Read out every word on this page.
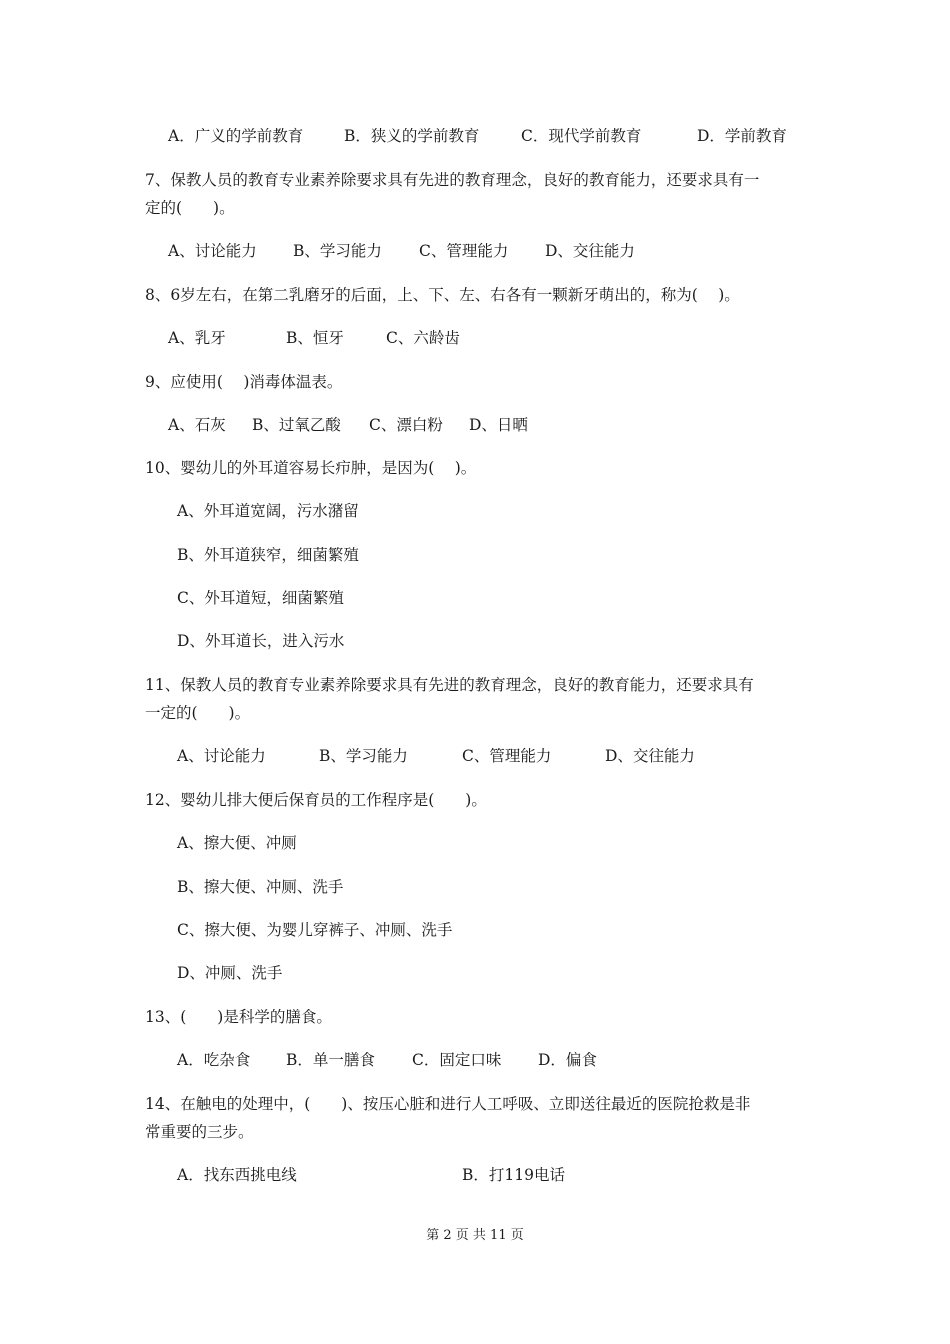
A．广义的学前教育	B．狭义的学前教育	C．现代学前教育	D．学前教育
7、保教人员的教育专业素养除要求具有先进的教育理念，良好的教育能力，还要求具有一
定的(　　)。
A、讨论能力 B、学习能力 C、管理能力 D、交往能力
8、6岁左右，在第二乳磨牙的后面，上、下、左、右各有一颗新牙萌出的，称为(　 )。
A、乳牙	B、恒牙	C、六龄齿
9、应使用(　 )消毒体温表。
A、石灰 B、过氧乙酸 C、漂白粉 D、日晒
10、婴幼儿的外耳道容易长疖肿，是因为(　 )。
A、外耳道宽阔，污水潴留
B、外耳道狭窄，细菌繁殖
C、外耳道短，细菌繁殖
D、外耳道长，进入污水
11、保教人员的教育专业素养除要求具有先进的教育理念，良好的教育能力，还要求具有
一定的(　　)。
A、讨论能力	B、学习能力	C、管理能力	D、交往能力
12、婴幼儿排大便后保育员的工作程序是(　　)。
A、擦大便、冲厕
B、擦大便、冲厕、洗手
C、擦大便、为婴儿穿裤子、冲厕、洗手
D、冲厕、洗手
13、(　　)是科学的膳食。
A．吃杂食 B．单一膳食 C．固定口味 D．偏食
14、在触电的处理中，(　　)、按压心脏和进行人工呼吸、立即送往最近的医院抢救是非
常重要的三步。
A．找东西挑电线	B．打119电话
第 2 页 共 11 页
